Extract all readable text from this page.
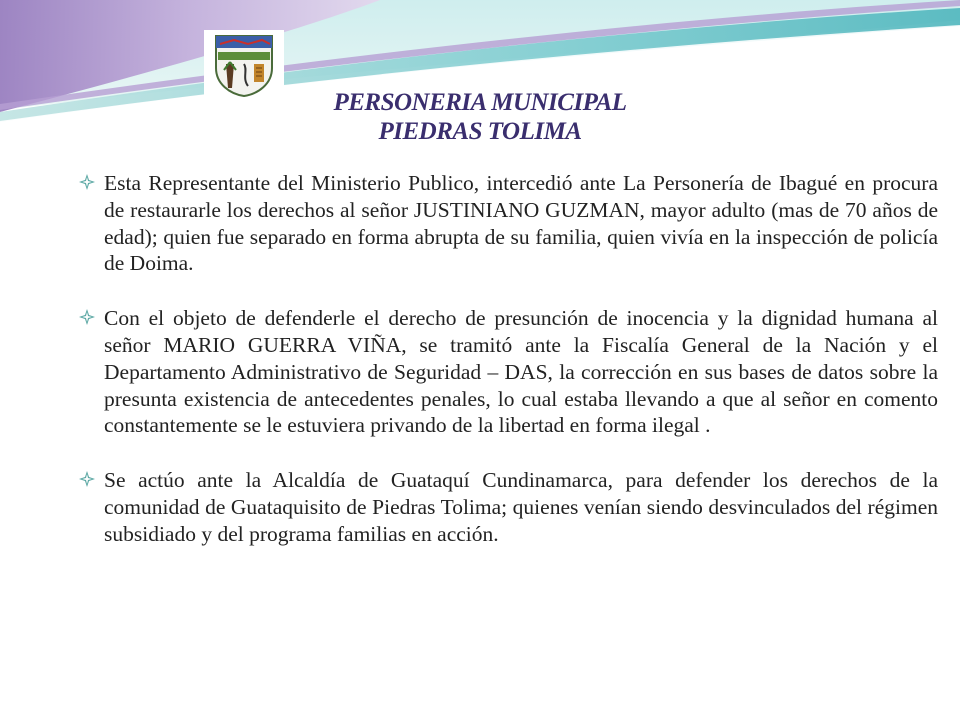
PERSONERIA MUNICIPAL
PIEDRAS TOLIMA
Esta Representante del Ministerio Publico, intercedió ante La Personería de Ibagué en procura de restaurarle los derechos al señor JUSTINIANO GUZMAN, mayor adulto (mas de 70 años de edad); quien fue separado en forma abrupta de su familia, quien vivía en la inspección de policía de Doima.
Con el objeto de defenderle el derecho de presunción de inocencia y la dignidad humana al señor MARIO GUERRA VIÑA, se tramitó ante la Fiscalía General de la Nación y el Departamento Administrativo de Seguridad – DAS, la corrección en sus bases de datos sobre la presunta existencia de antecedentes penales, lo cual estaba llevando a que al señor en comento constantemente se le estuviera privando de la libertad en forma ilegal .
Se actúo ante la Alcaldía de Guataquí Cundinamarca, para defender los derechos de la comunidad de Guataquisito de Piedras Tolima; quienes venían siendo desvinculados del régimen subsidiado y del programa familias en acción.
